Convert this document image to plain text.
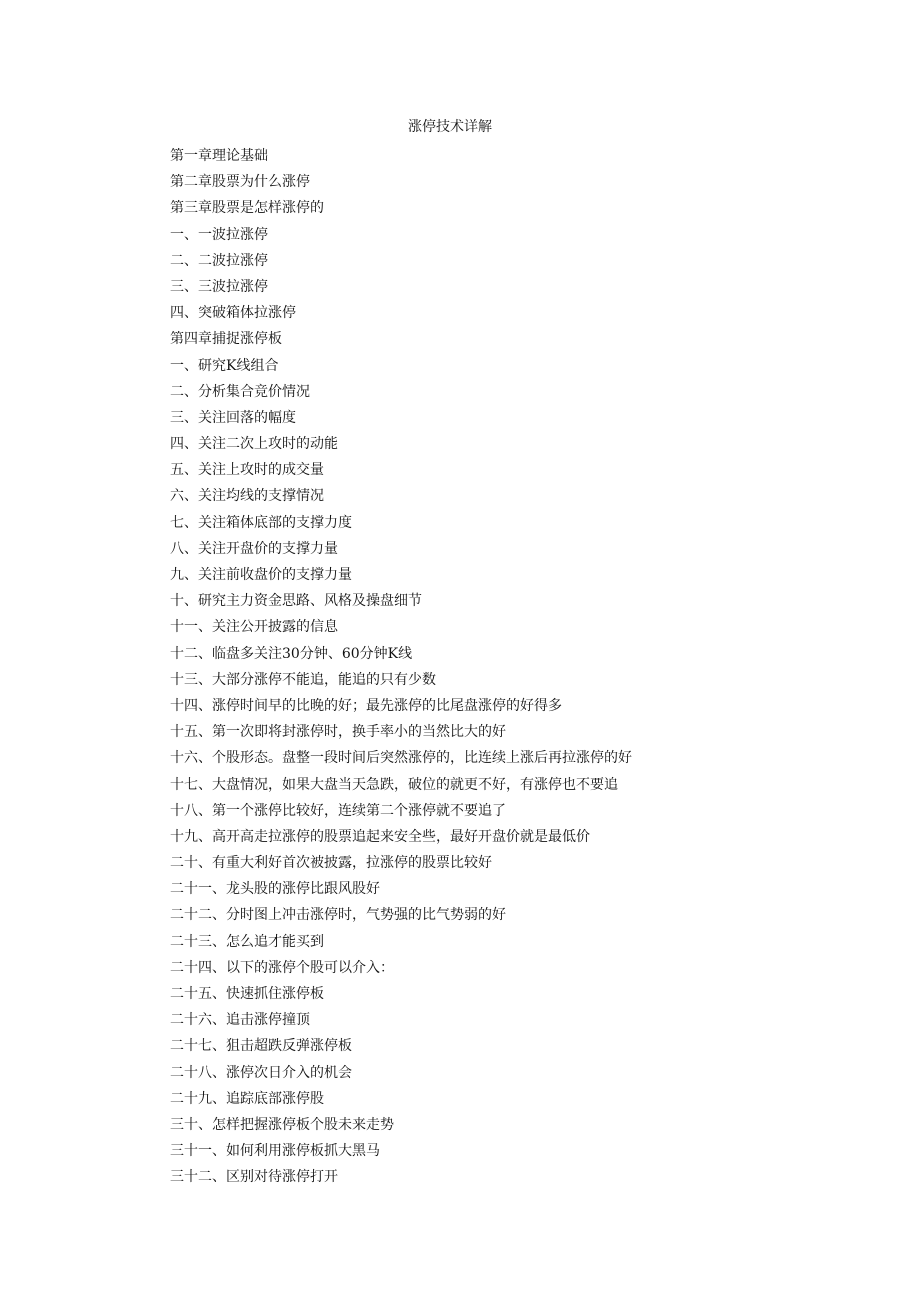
涨停技术详解
第一章理论基础
第二章股票为什么涨停
第三章股票是怎样涨停的
一、一波拉涨停
二、二波拉涨停
三、三波拉涨停
四、突破箱体拉涨停
第四章捕捉涨停板
一、研究K线组合
二、分析集合竞价情况
三、关注回落的幅度
四、关注二次上攻时的动能
五、关注上攻时的成交量
六、关注均线的支撑情况
七、关注箱体底部的支撑力度
八、关注开盘价的支撑力量
九、关注前收盘价的支撑力量
十、研究主力资金思路、风格及操盘细节
十一、关注公开披露的信息
十二、临盘多关注30分钟、60分钟K线
十三、大部分涨停不能追，能追的只有少数
十四、涨停时间早的比晚的好；最先涨停的比尾盘涨停的好得多
十五、第一次即将封涨停时，换手率小的当然比大的好
十六、个股形态。盘整一段时间后突然涨停的，比连续上涨后再拉涨停的好
十七、大盘情况，如果大盘当天急跌，破位的就更不好，有涨停也不要追
十八、第一个涨停比较好，连续第二个涨停就不要追了
十九、高开高走拉涨停的股票追起来安全些，最好开盘价就是最低价
二十、有重大利好首次被披露，拉涨停的股票比较好
二十一、龙头股的涨停比跟风股好
二十二、分时图上冲击涨停时，气势强的比气势弱的好
二十三、怎么追才能买到
二十四、以下的涨停个股可以介入：
二十五、快速抓住涨停板
二十六、追击涨停撞顶
二十七、狙击超跌反弹涨停板
二十八、涨停次日介入的机会
二十九、追踪底部涨停股
三十、怎样把握涨停板个股未来走势
三十一、如何利用涨停板抓大黑马
三十二、区别对待涨停打开
